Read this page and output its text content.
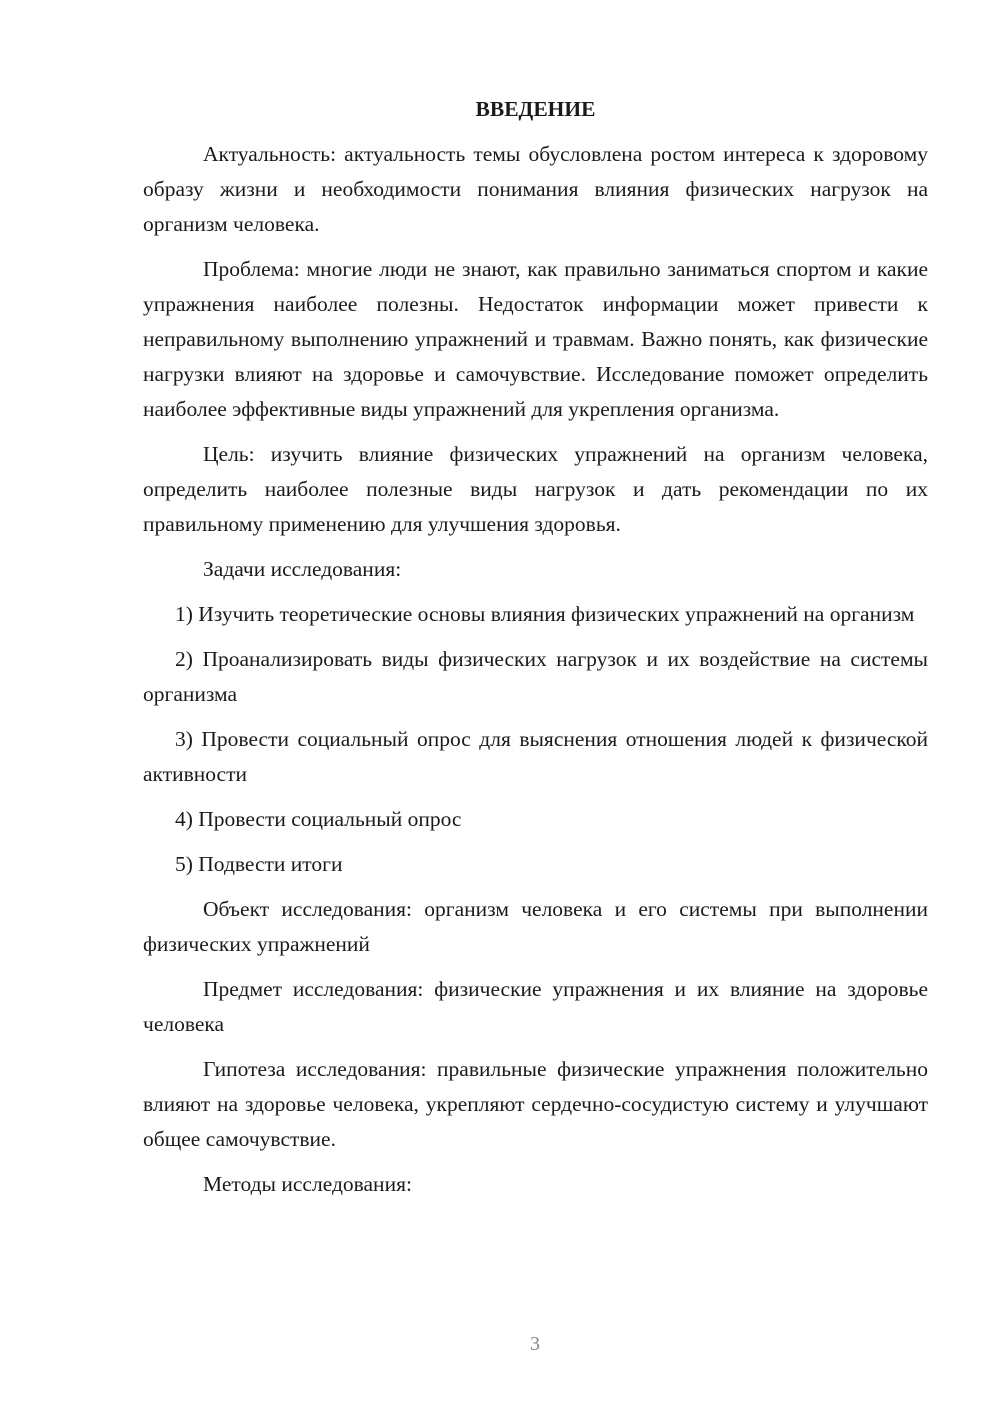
ВВЕДЕНИЕ

Актуальность: актуальность темы обусловлена ростом интереса к здоровому образу жизни и необходимости понимания влияния физических нагрузок на организм человека.

Проблема: многие люди не знают, как правильно заниматься спортом и какие упражнения наиболее полезны. Недостаток информации может привести к неправильному выполнению упражнений и травмам. Важно понять, как физические нагрузки влияют на здоровье и самочувствие. Исследование поможет определить наиболее эффективные виды упражнений для укрепления организма.

Цель: изучить влияние физических упражнений на организм человека, определить наиболее полезные виды нагрузок и дать рекомендации по их правильному применению для улучшения здоровья.

Задачи исследования:

1) Изучить теоретические основы влияния физических упражнений на организм

2) Проанализировать виды физических нагрузок и их воздействие на системы организма

3) Провести социальный опрос для выяснения отношения людей к физической активности

4) Провести социальный опрос

5) Подвести итоги

Объект исследования: организм человека и его системы при выполнении физических упражнений

Предмет исследования: физические упражнения и их влияние на здоровье человека

Гипотеза исследования: правильные физические упражнения положительно влияют на здоровье человека, укрепляют сердечно-сосудистую систему и улучшают общее самочувствие.

Методы исследования:

3
